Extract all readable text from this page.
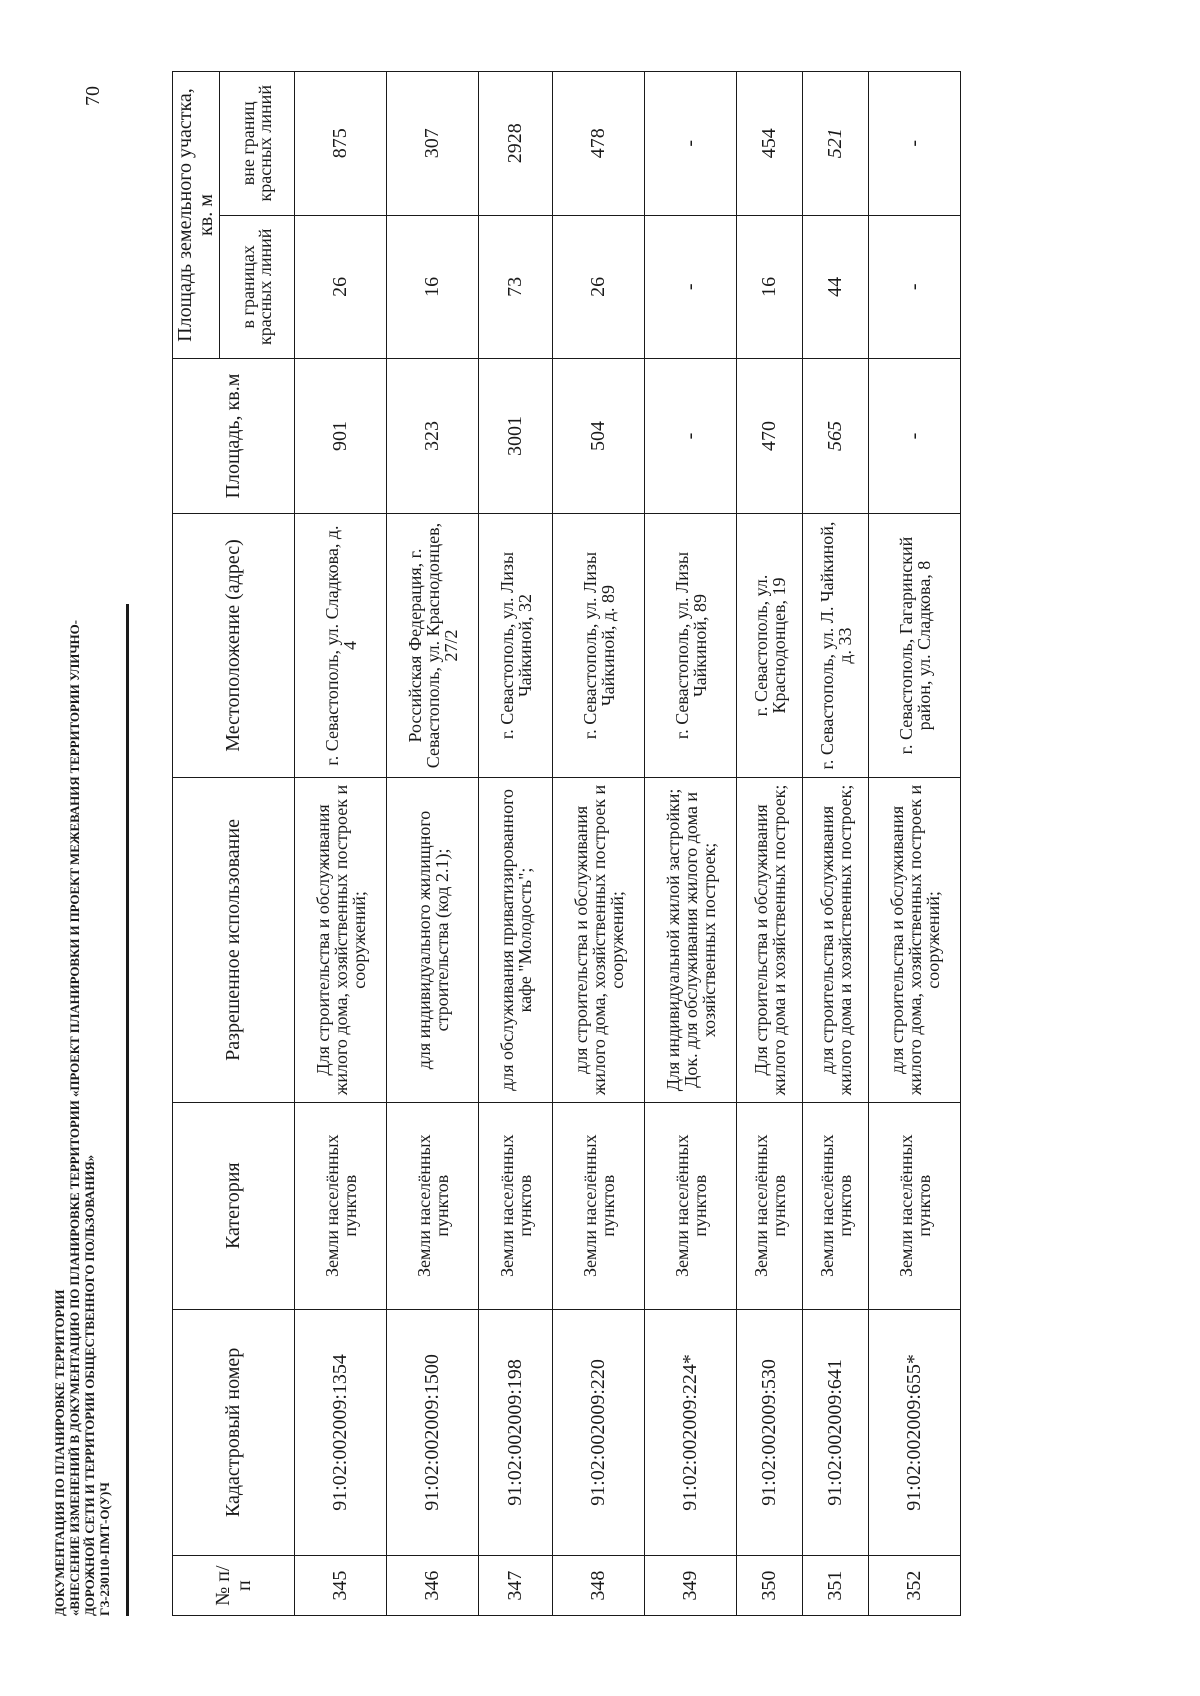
ДОКУМЕНТАЦИЯ ПО ПЛАНИРОВКЕ ТЕРРИТОРИИ «ВНЕСЕНИЕ ИЗМЕНЕНИЙ В ДОКУМЕНТАЦИЮ ПО ПЛАНИРОВКЕ ТЕРРИТОРИИ «ПРОЕКТ ПЛАНИРОВКИ И ПРОЕКТ МЕЖЕВАНИЯ ТЕРРИТОРИИ УЛИЧНО- ДОРОЖНОЙ СЕТИ И ТЕРРИТОРИИ ОБЩЕСТВЕННОГО ПОЛЬЗОВАНИЯ» ГЗ-230110-ПМТ-О(У)Ч
70
№ п/п	Кадастровый номер	Категория	Разрешенное использование	Местоположение (адрес)	Площадь, кв.м	Площадь земельного участка, кв. м	
						в границах красных линий	вне границ красных линий
345	91:02:002009:1354	Земли населённых пунктов	Для строительства и обслуживания жилого дома, хозяйственных построек и сооружений;	г. Севастополь, ул. Сладкова, д. 4	901	26	875
346	91:02:002009:1500	Земли населённых пунктов	для индивидуального жилищного строительства (код 2.1);	Российская Федерация, г. Севастополь, ул. Краснодонцев, 27/2	323	16	307
347	91:02:002009:198	Земли населённых пунктов	для обслуживания приватизированного кафе "Молодость";	г. Севастополь, ул. Лизы Чайкиной, 32	3001	73	2928
348	91:02:002009:220	Земли населённых пунктов	для строительства и обслуживания жилого дома, хозяйственных построек и сооружений;	г. Севастополь, ул. Лизы Чайкиной, д. 89	504	26	478
349	91:02:002009:224*	Земли населённых пунктов	Для индивидуальной жилой застройки; Док. для обслуживания жилого дома и хозяйственных построек;	г. Севастополь, ул. Лизы Чайкиной, 89	-	-	-
350	91:02:002009:530	Земли населённых пунктов	Для строительства и обслуживания жилого дома и хозяйственных построек;	г. Севастополь, ул. Краснодонцев, 19	470	16	454
351	91:02:002009:641	Земли населённых пунктов	для строительства и обслуживания жилого дома и хозяйственных построек;	г. Севастополь, ул. Л. Чайкиной, д. 33	565	44	521
352	91:02:002009:655*	Земли населённых пунктов	для строительства и обслуживания жилого дома, хозяйственных построек и сооружений;	г. Севастополь, Гагаринский район, ул. Сладкова, 8	-	-	-
